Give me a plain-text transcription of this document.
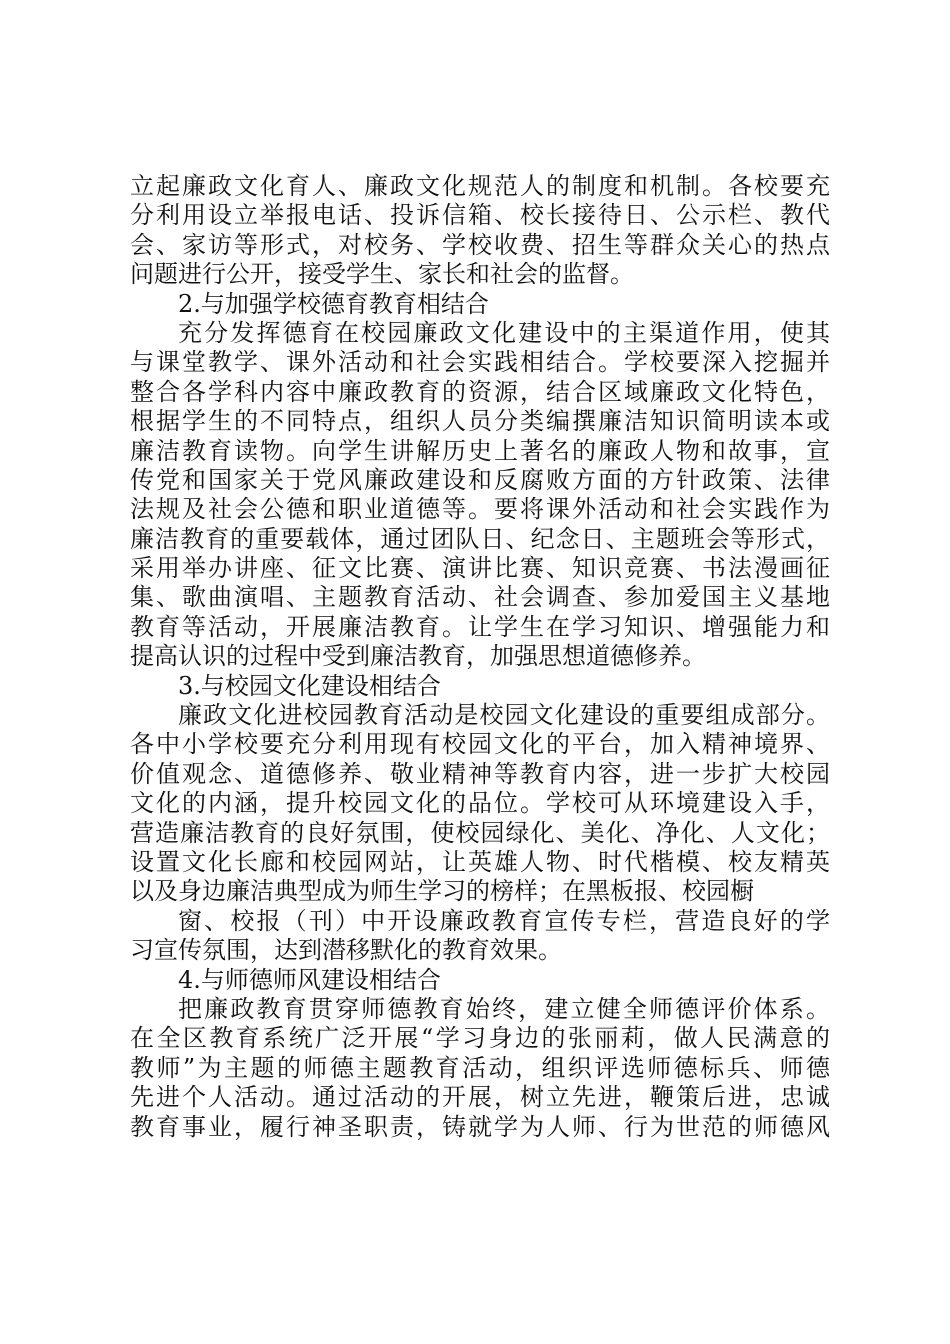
立起廉政文化育人、廉政文化规范人的制度和机制。各校要充
分利用设立举报电话、投诉信箱、校长接待日、公示栏、教代
会、家访等形式，对校务、学校收费、招生等群众关心的热点
问题进行公开，接受学生、家长和社会的监督。
2.与加强学校德育教育相结合
充分发挥德育在校园廉政文化建设中的主渠道作用，使其
与课堂教学、课外活动和社会实践相结合。学校要深入挖掘并
整合各学科内容中廉政教育的资源，结合区域廉政文化特色，
根据学生的不同特点，组织人员分类编撰廉洁知识简明读本或
廉洁教育读物。向学生讲解历史上著名的廉政人物和故事，宣
传党和国家关于党风廉政建设和反腐败方面的方针政策、法律
法规及社会公德和职业道德等。要将课外活动和社会实践作为
廉洁教育的重要载体，通过团队日、纪念日、主题班会等形式，
采用举办讲座、征文比赛、演讲比赛、知识竞赛、书法漫画征
集、歌曲演唱、主题教育活动、社会调查、参加爱国主义基地
教育等活动，开展廉洁教育。让学生在学习知识、增强能力和
提高认识的过程中受到廉洁教育，加强思想道德修养。
3.与校园文化建设相结合
廉政文化进校园教育活动是校园文化建设的重要组成部分。
各中小学校要充分利用现有校园文化的平台，加入精神境界、
价值观念、道德修养、敬业精神等教育内容，进一步扩大校园
文化的内涵，提升校园文化的品位。学校可从环境建设入手，
营造廉洁教育的良好氛围，使校园绿化、美化、净化、人文化；
设置文化长廊和校园网站，让英雄人物、时代楷模、校友精英
以及身边廉洁典型成为师生学习的榜样；在黑板报、校园橱
窗、校报（刊）中开设廉政教育宣传专栏，营造良好的学
习宣传氛围，达到潜移默化的教育效果。
4.与师德师风建设相结合
把廉政教育贯穿师德教育始终，建立健全师德评价体系。
在全区教育系统广泛开展“学习身边的张丽莉，做人民满意的
教师”为主题的师德主题教育活动，组织评选师德标兵、师德
先进个人活动。通过活动的开展，树立先进，鞭策后进，忠诚
教育事业，履行神圣职责，铸就学为人师、行为世范的师德风
